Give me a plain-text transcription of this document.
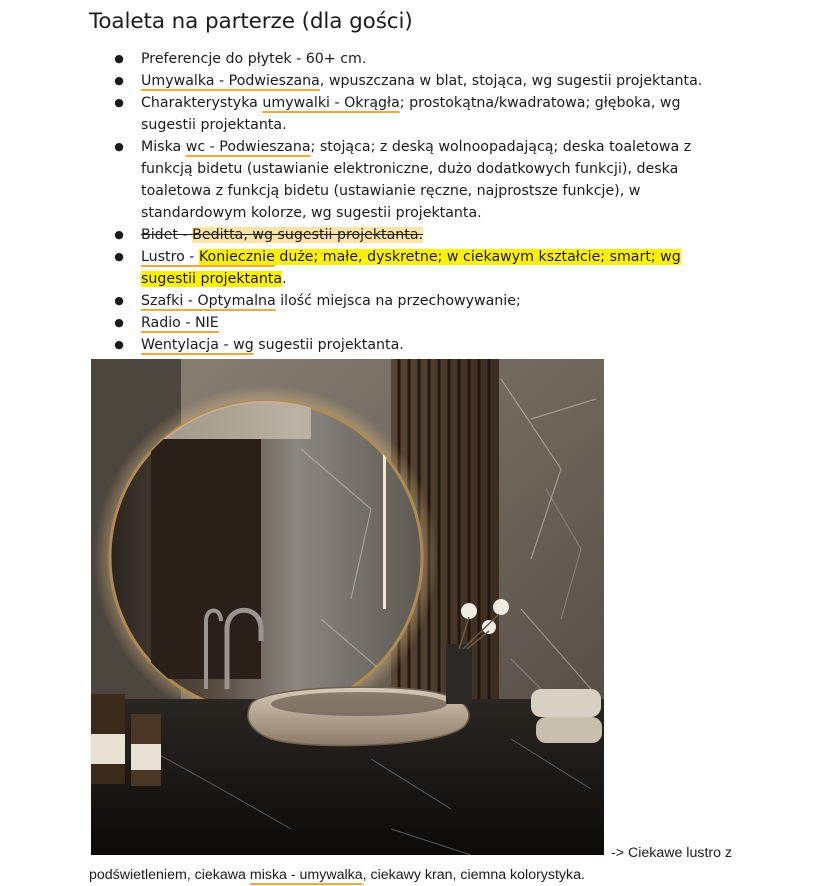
Toaleta na parterze (dla gości)
● Preferencje do płytek - 60+ cm.
● Umywalka - Podwieszana, wpuszczana w blat, stojąca, wg sugestii projektanta.
● Charakterystyka umywalki - Okrągła; prostokątna/kwadratowa; głęboka, wg sugestii projektanta.
● Miska wc - Podwieszana; stojąca; z deską wolnoopadającą; deska toaletowa z funkcją bidetu (ustawianie elektroniczne, dużo dodatkowych funkcji), deska toaletowa z funkcją bidetu (ustawianie ręczne, najprostsze funkcje), w standardowym kolorze, wg sugestii projektanta.
● Bidet - Beditta, wg sugestii projektanta.
● Lustro - Koniecznie duże; małe, dyskretne; w ciekawym kształcie; smart; wg sugestii projektanta.
● Szafki - Optymalna ilość miejsca na przechowywanie;
● Radio - NIE
● Wentylacja - wg sugestii projektanta.
-> Ciekawe lustro z
podświetleniem, ciekawa miska - umywalka, ciekawy kran, ciemna kolorystyka.
